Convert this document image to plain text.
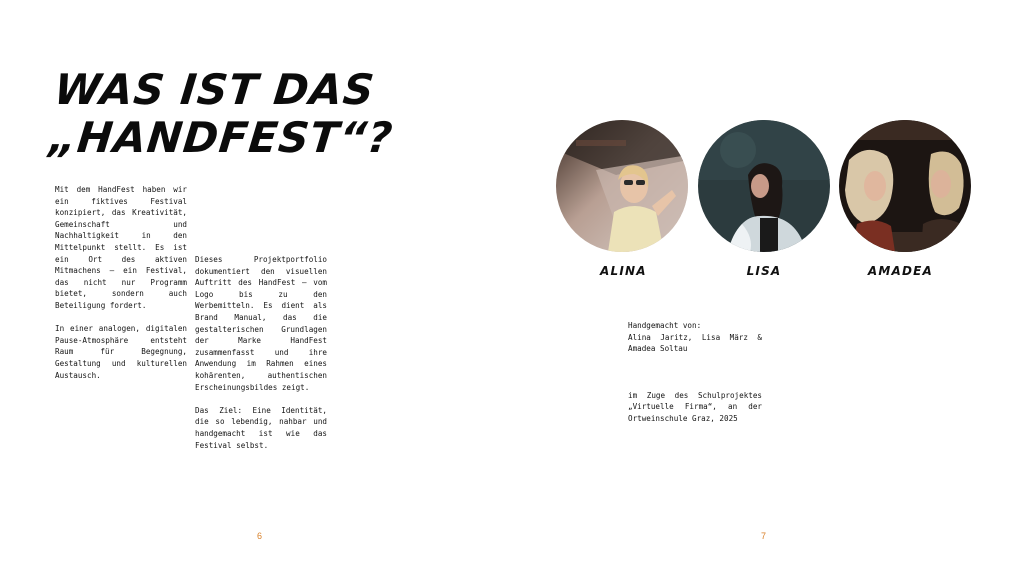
WAS IST DAS
„HANDFEST“?

Mit dem HandFest haben wir ein fiktives Festival konzipiert, das Kreativität, Gemeinschaft und Nachhaltigkeit in den Mittelpunkt stellt. Es ist ein Ort des aktiven Mitmachens – ein Festival, das nicht nur Programm bietet, sondern auch Beteiligung fordert.

In einer analogen, digitalen Pause-Atmosphäre entsteht Raum für Begegnung, Gestaltung und kulturellen Austausch.

Dieses Projektportfolio dokumentiert den visuellen Auftritt des HandFest – vom Logo bis zu den Werbemitteln. Es dient als Brand Manual, das die gestalterischen Grundlagen der Marke HandFest zusammenfasst und ihre Anwendung im Rahmen eines kohärenten, authentischen Erscheinungsbildes zeigt.

Das Ziel: Eine Identität, die so lebendig, nahbar und handgemacht ist wie das Festival selbst.

6
ALINA	LISA	AMADEA

Handgemacht von:
Alina Jaritz, Lisa März & Amadea Soltau

im Zuge des Schulprojektes „Virtuelle Firma“, an der Ortweinschule Graz, 2025

7
